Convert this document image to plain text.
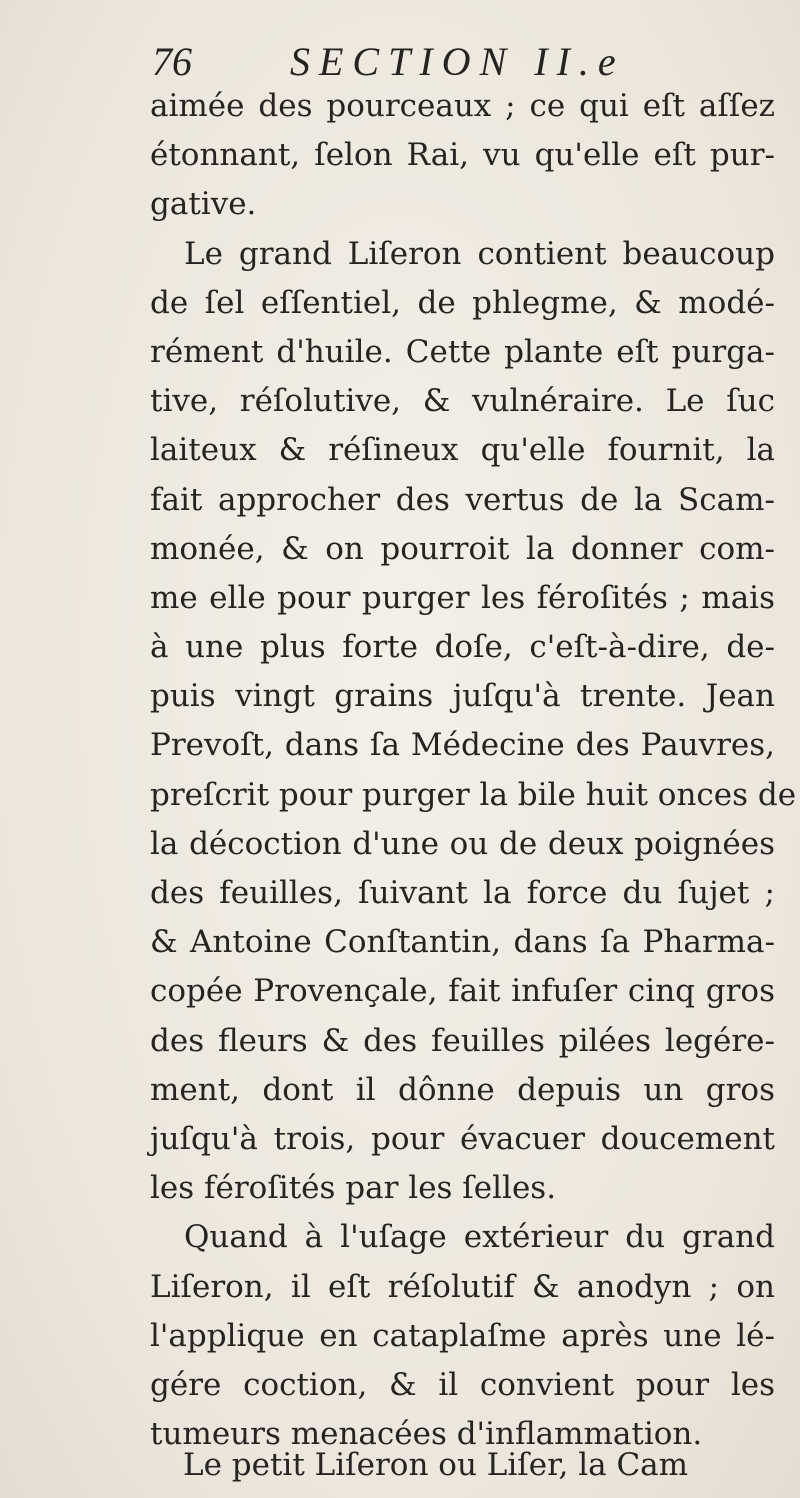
76 SECTION II.e
aimée des pourceaux ; ce qui eſt aſſez
étonnant, ſelon Rai, vu qu'elle eſt pur-
gative.
Le grand Liſeron contient beaucoup
de ſel eſſentiel, de phlegme, & modé-
rément d'huile. Cette plante eſt purga-
tive, réſolutive, & vulnéraire. Le ſuc
laiteux & réſineux qu'elle fournit, la
fait approcher des vertus de la Scam-
monée, & on pourroit la donner com-
me elle pour purger les féroſités ; mais
à une plus forte doſe, c'eſt-à-dire, de-
puis vingt grains juſqu'à trente. Jean
Prevoſt, dans ſa Médecine des Pauvres,
preſcrit pour purger la bile huit onces de
la décoction d'une ou de deux poignées
des feuilles, ſuivant la force du ſujet ;
& Antoine Conſtantin, dans ſa Pharma-
copée Provençale, fait infuſer cinq gros
des fleurs & des feuilles pilées legére-
ment, dont il dônne depuis un gros
juſqu'à trois, pour évacuer doucement
les féroſités par les ſelles.
Quand à l'uſage extérieur du grand
Liſeron, il eſt réſolutif & anodyn ; on
l'applique en cataplaſme après une lé-
gére coction, & il convient pour les
tumeurs menacées d'inflammation.
Le petit Liſeron ou Liſer, la Cam
